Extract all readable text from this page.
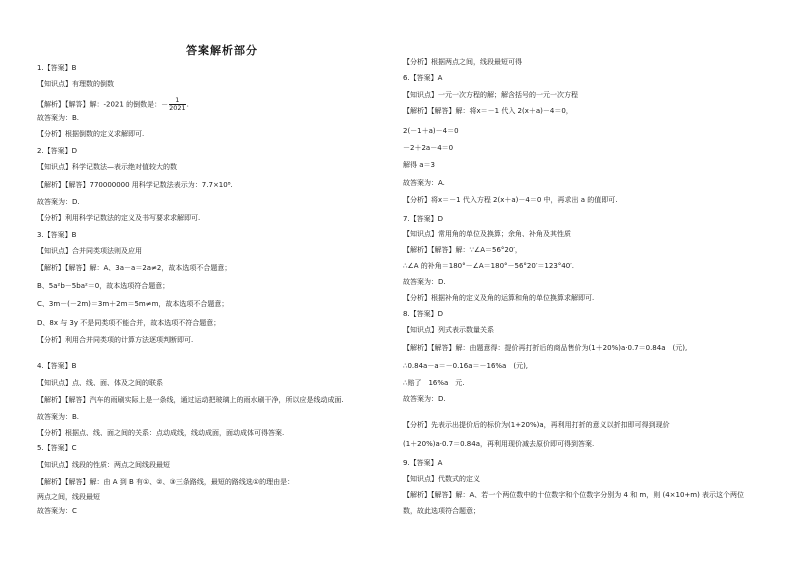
答案解析部分
1.【答案】B
【知识点】有理数的倒数
【解析】【解答】解：-2021 的倒数是：－ $\frac{1}{2021}$ .
故答案为：B.
【分析】根据倒数的定义求解即可.
2.【答案】D
【知识点】科学记数法—表示绝对值较大的数
【解析】【解答】770000000 用科学记数法表示为：7.7×10⁸.
故答案为：D.
【分析】利用科学记数法的定义及书写要求求解即可.
3.【答案】B
【知识点】合并同类项法则及应用
【解析】【解答】解：A、3a－a＝2a≠2，故本选项不合题意；
B、5a²b－5ba²＝0，故本选项符合题意；
C、3m－(－2m)＝3m＋2m＝5m≠m，故本选项不合题意；
D、8x 与 3y 不是同类项不能合并，故本选项不符合题意；
【分析】利用合并同类项的计算方法逐项判断即可.
4.【答案】B
【知识点】点、线、面、体及之间的联系
【解析】【解答】汽车的雨刷实际上是一条线，通过运动把玻璃上的雨水刷干净，所以应是线动成面.
故答案为：B.
【分析】根据点、线、面之间的关系：点动成线，线动成面，面动成体可得答案.
5.【答案】C
【知识点】线段的性质：两点之间线段最短
【解析】【解答】解：由 A 到 B 有①、②、③三条路线，最短的路线选①的理由是：
两点之间，线段最短
故答案为：C
【分析】根据两点之间，线段最短可得
6.【答案】A
【知识点】一元一次方程的解；解含括号的一元一次方程
【解析】【解答】解：将x＝－1 代入 2(x＋a)－4＝0，
2(－1＋a)－4＝0
－2＋2a－4＝0
解得 a＝3
故答案为：A.
【分析】将x＝－1 代入方程 2(x＋a)－4＝0 中，再求出 a 的值即可.
7.【答案】D
【知识点】常用角的单位及换算；余角、补角及其性质
【解析】【解答】解：∵∠A＝56°20′，
∴∠A 的补角＝180°－∠A＝180°－56°20′＝123°40′.
故答案为：D.
【分析】根据补角的定义及角的运算和角的单位换算求解即可.
8.【答案】D
【知识点】列式表示数量关系
【解析】【解答】解：由题意得：提价再打折后的商品售价为(1＋20%)a·0.7＝0.84a　(元),
∴0.84a－a＝－0.16a＝－16%a　(元),
∴赔了　16%a　元.
故答案为：D.
【分析】先表示出提价后的标价为(1+20%)a，再利用打折的意义以折扣即可得到现价
(1＋20%)a·0.7＝0.84a，再利用现价减去原价即可得到答案.
9.【答案】A
【知识点】代数式的定义
【解析】【解答】解：A、若一个两位数中的十位数字和个位数字分别为 4 和 m，则 (4×10+m) 表示这个两位
数，故此选项符合题意；
